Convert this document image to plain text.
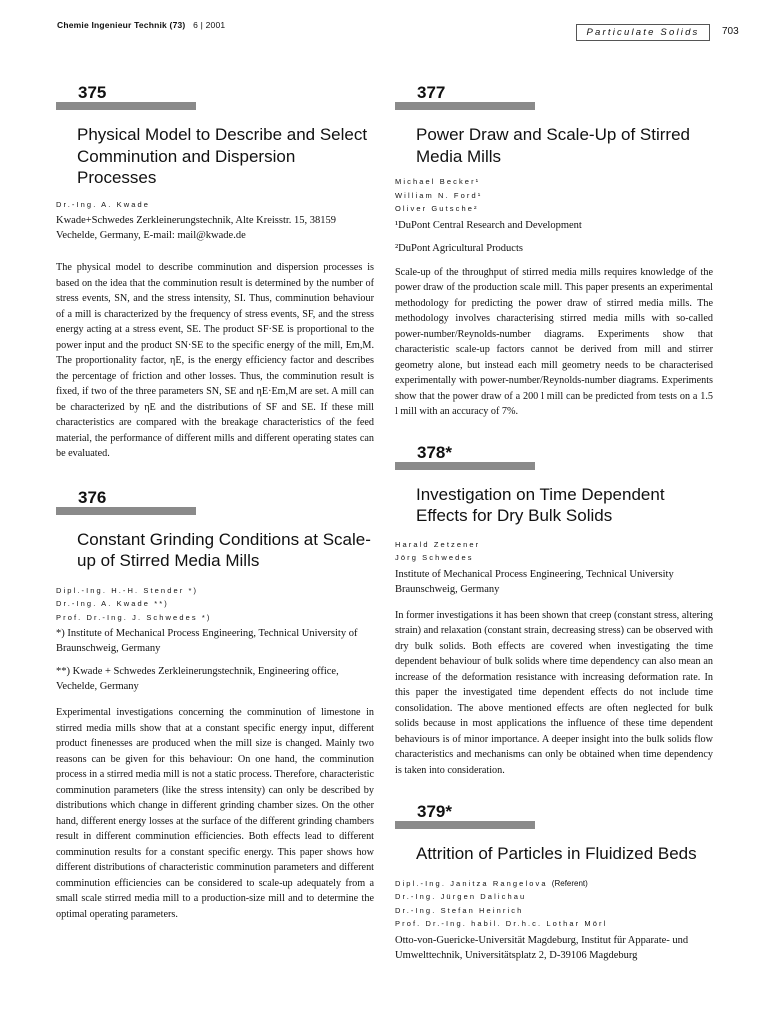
Chemie Ingenieur Technik (73) 6 | 2001
Particulate Solids	703
375
Physical Model to Describe and Select Comminution and Dispersion Processes
Dr.-Ing. A. Kwade
Kwade+Schwedes Zerkleinerungstechnik, Alte Kreisstr. 15, 38159 Vechelde, Germany, E-mail: mail@kwade.de
The physical model to describe comminution and dispersion processes is based on the idea that the comminution result is determined by the number of stress events, SN, and the stress intensity, SI. Thus, comminution behaviour of a mill is characterized by the frequency of stress events, SF, and the stress energy acting at a stress event, SE. The product SF·SE is proportional to the power input and the product SN·SE to the specific energy of the mill, Em,M. The proportionality factor, ηE, is the energy efficiency factor and describes the percentage of friction and other losses. Thus, the comminution result is fixed, if two of the three parameters SN, SE and ηE·Em,M are set. A mill can be characterized by ηE and the distributions of SF and SE. If these mill characteristics are compared with the breakage characteristics of the feed material, the performance of different mills and different operating states can be evaluated.
376
Constant Grinding Conditions at Scale-up of Stirred Media Mills
Dipl.-Ing. H.-H. Stender *)
Dr.-Ing. A. Kwade **)
Prof. Dr.-Ing. J. Schwedes *)
*) Institute of Mechanical Process Engineering, Technical University of Braunschweig, Germany
**) Kwade + Schwedes Zerkleinerungstechnik, Engineering office, Vechelde, Germany
Experimental investigations concerning the comminution of limestone in stirred media mills show that at a constant specific energy input, different product finenesses are produced when the mill size is changed. Mainly two reasons can be given for this behaviour: On one hand, the comminution process in a stirred media mill is not a static process. Therefore, characteristic comminution parameters (like the stress intensity) can only be described by distributions which change in different grinding chamber sizes. On the other hand, different energy losses at the surface of the different grinding chambers result in different comminution efficiencies. Both effects lead to different comminution results for a constant specific energy. This paper shows how different distributions of characteristic comminution parameters and different comminution efficiencies can be considered to scale-up adequately from a small scale stirred media mill to a production-size mill and to determine the optimal operating parameters.
377
Power Draw and Scale-Up of Stirred Media Mills
Michael Becker¹
William N. Ford¹
Oliver Gutsche²
¹DuPont Central Research and Development
²DuPont Agricultural Products
Scale-up of the throughput of stirred media mills requires knowledge of the power draw of the production scale mill. This paper presents an experimental methodology for predicting the power draw of stirred media mills. The methodology involves characterising stirred media mills with so-called power-number/Reynolds-number diagrams. Experiments show that characteristic scale-up factors cannot be derived from mill and stirrer geometry alone, but instead each mill geometry needs to be characterised experimentally with power-number/Reynolds-number diagrams. Experiments show that the power draw of a 200 l mill can be predicted from tests on a 1.5 l mill with an accuracy of 7%.
378*
Investigation on Time Dependent Effects for Dry Bulk Solids
Harald Zetzener
Jörg Schwedes
Institute of Mechanical Process Engineering, Technical University Braunschweig, Germany
In former investigations it has been shown that creep (constant stress, altering strain) and relaxation (constant strain, decreasing stress) can be observed with dry bulk solids. Both effects are covered when investigating the time dependent behaviour of bulk solids where time dependency can also mean an increase of the deformation resistance with increasing deformation rate. In this paper the investigated time dependent effects do not include time consolidation. The above mentioned effects are often neglected for bulk solids because in most applications the influence of these time dependent behaviours is of minor importance. A deeper insight into the bulk solids flow characteristics and mechanisms can only be obtained when time dependency is taken into consideration.
379*
Attrition of Particles in Fluidized Beds
Dipl.-Ing. Janitza Rangelova (Referent)
Dr.-Ing. Jürgen Dalichau
Dr.-Ing. Stefan Heinrich
Prof. Dr.-Ing. habil. Dr.h.c. Lothar Mörl
Otto-von-Guericke-Universität Magdeburg, Institut für Apparate- und Umwelttechnik, Universitätsplatz 2, D-39106 Magdeburg
